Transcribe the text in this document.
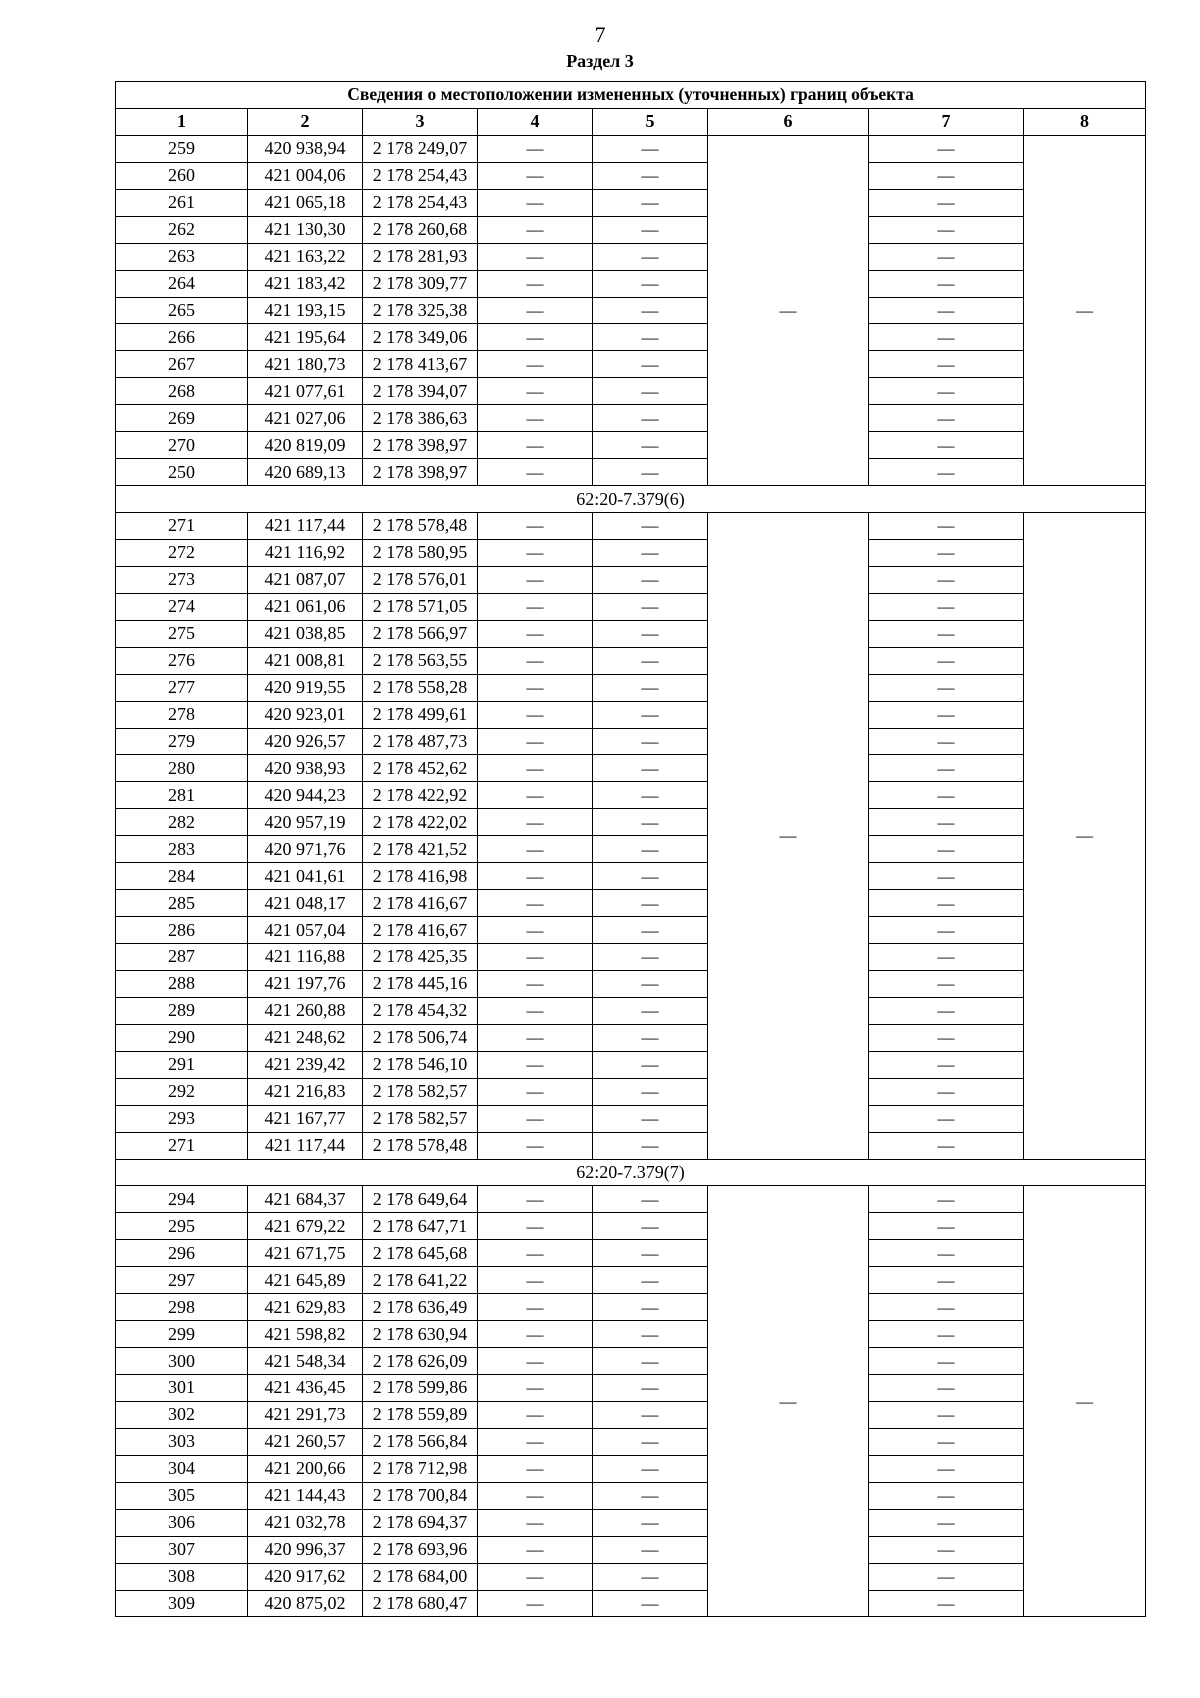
7
Раздел 3
Сведения о местоположении измененных (уточненных) границ объекта							
1	2	3	4	5	6	7	8
259	420 938,94	2 178 249,07	—	—	—	—	—
260	421 004,06	2 178 254,43	—	—		—	
261	421 065,18	2 178 254,43	—	—		—	
262	421 130,30	2 178 260,68	—	—		—	
263	421 163,22	2 178 281,93	—	—		—	
264	421 183,42	2 178 309,77	—	—		—	
265	421 193,15	2 178 325,38	—	—		—	
266	421 195,64	2 178 349,06	—	—		—	
267	421 180,73	2 178 413,67	—	—		—	
268	421 077,61	2 178 394,07	—	—		—	
269	421 027,06	2 178 386,63	—	—		—	
270	420 819,09	2 178 398,97	—	—		—	
250	420 689,13	2 178 398,97	—	—		—	
62:20-7.379(6)							
271	421 117,44	2 178 578,48	—	—	—	—	—
272	421 116,92	2 178 580,95	—	—		—	
273	421 087,07	2 178 576,01	—	—		—	
274	421 061,06	2 178 571,05	—	—		—	
275	421 038,85	2 178 566,97	—	—		—	
276	421 008,81	2 178 563,55	—	—		—	
277	420 919,55	2 178 558,28	—	—		—	
278	420 923,01	2 178 499,61	—	—		—	
279	420 926,57	2 178 487,73	—	—		—	
280	420 938,93	2 178 452,62	—	—		—	
281	420 944,23	2 178 422,92	—	—		—	
282	420 957,19	2 178 422,02	—	—		—	
283	420 971,76	2 178 421,52	—	—		—	
284	421 041,61	2 178 416,98	—	—		—	
285	421 048,17	2 178 416,67	—	—		—	
286	421 057,04	2 178 416,67	—	—		—	
287	421 116,88	2 178 425,35	—	—		—	
288	421 197,76	2 178 445,16	—	—		—	
289	421 260,88	2 178 454,32	—	—		—	
290	421 248,62	2 178 506,74	—	—		—	
291	421 239,42	2 178 546,10	—	—		—	
292	421 216,83	2 178 582,57	—	—		—	
293	421 167,77	2 178 582,57	—	—		—	
271	421 117,44	2 178 578,48	—	—		—	
62:20-7.379(7)							
294	421 684,37	2 178 649,64	—	—	—	—	—
295	421 679,22	2 178 647,71	—	—		—	
296	421 671,75	2 178 645,68	—	—		—	
297	421 645,89	2 178 641,22	—	—		—	
298	421 629,83	2 178 636,49	—	—		—	
299	421 598,82	2 178 630,94	—	—		—	
300	421 548,34	2 178 626,09	—	—		—	
301	421 436,45	2 178 599,86	—	—		—	
302	421 291,73	2 178 559,89	—	—		—	
303	421 260,57	2 178 566,84	—	—		—	
304	421 200,66	2 178 712,98	—	—		—	
305	421 144,43	2 178 700,84	—	—		—	
306	421 032,78	2 178 694,37	—	—		—	
307	420 996,37	2 178 693,96	—	—		—	
308	420 917,62	2 178 684,00	—	—		—	
309	420 875,02	2 178 680,47	—	—		—	
